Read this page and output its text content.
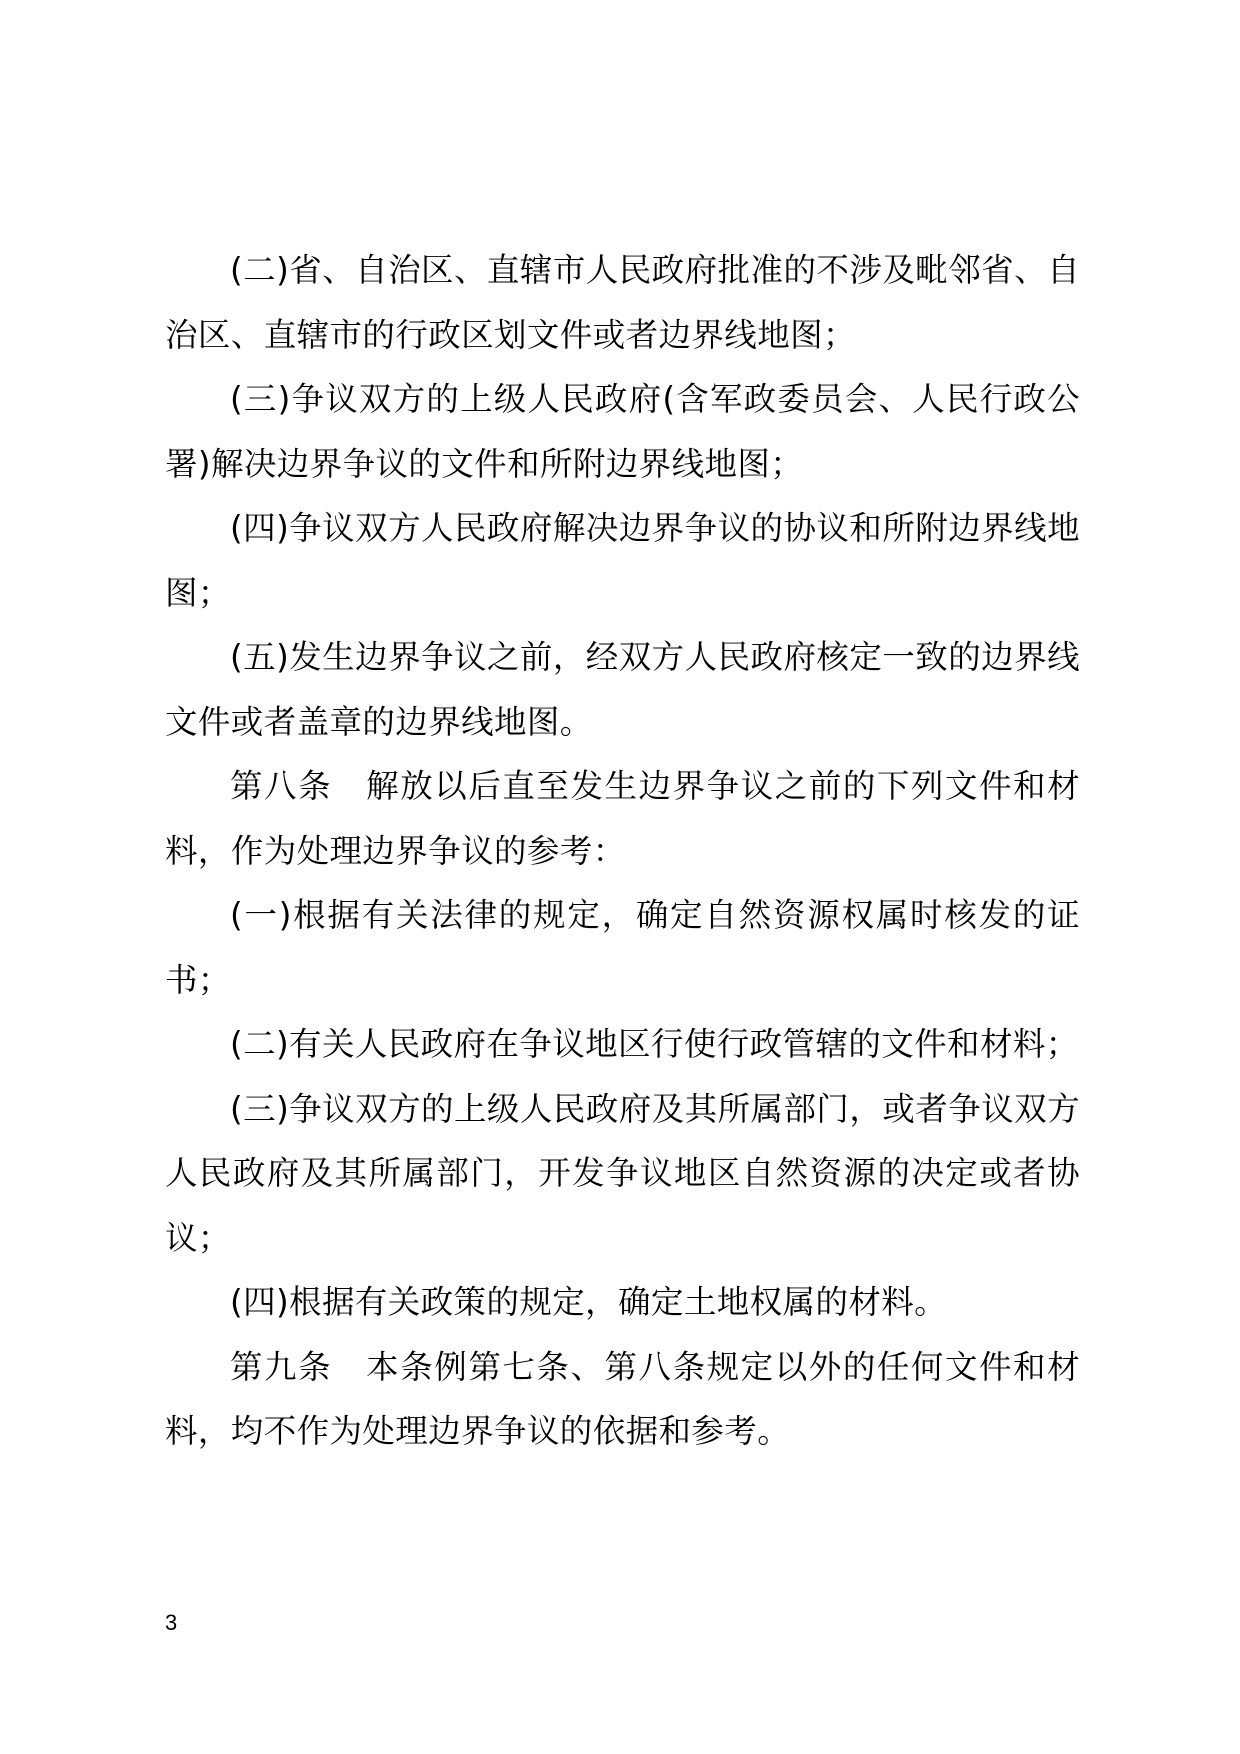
(二)省、自治区、直辖市人民政府批准的不涉及毗邻省、自治区、直辖市的行政区划文件或者边界线地图；

(三)争议双方的上级人民政府(含军政委员会、人民行政公署)解决边界争议的文件和所附边界线地图；

(四)争议双方人民政府解决边界争议的协议和所附边界线地图；

(五)发生边界争议之前，经双方人民政府核定一致的边界线文件或者盖章的边界线地图。

第八条　解放以后直至发生边界争议之前的下列文件和材料，作为处理边界争议的参考：

(一)根据有关法律的规定，确定自然资源权属时核发的证书；

(二)有关人民政府在争议地区行使行政管辖的文件和材料；

(三)争议双方的上级人民政府及其所属部门，或者争议双方人民政府及其所属部门，开发争议地区自然资源的决定或者协议；

(四)根据有关政策的规定，确定土地权属的材料。

第九条　本条例第七条、第八条规定以外的任何文件和材料，均不作为处理边界争议的依据和参考。

3
